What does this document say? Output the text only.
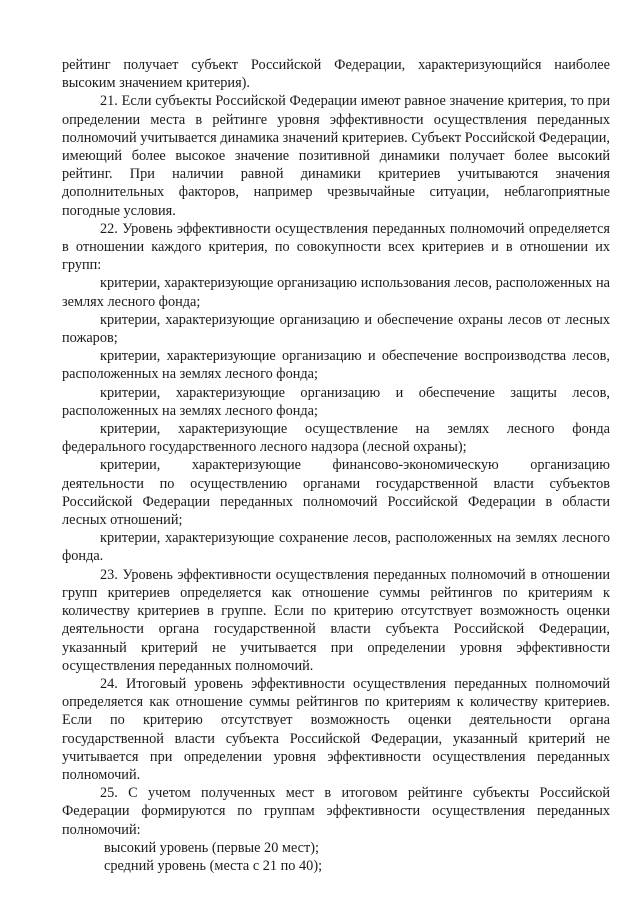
рейтинг получает субъект Российской Федерации, характеризующийся наиболее высоким значением критерия).

21. Если субъекты Российской Федерации имеют равное значение критерия, то при определении места в рейтинге уровня эффективности осуществления переданных полномочий учитывается динамика значений критериев. Субъект Российской Федерации, имеющий более высокое значение позитивной динамики получает более высокий рейтинг. При наличии равной динамики критериев учитываются значения дополнительных факторов, например чрезвычайные ситуации, неблагоприятные погодные условия.

22. Уровень эффективности осуществления переданных полномочий определяется в отношении каждого критерия, по совокупности всех критериев и в отношении их групп:

критерии, характеризующие организацию использования лесов, расположенных на землях лесного фонда;

критерии, характеризующие организацию и обеспечение охраны лесов от лесных пожаров;

критерии, характеризующие организацию и обеспечение воспроизводства лесов, расположенных на землях лесного фонда;

критерии, характеризующие организацию и обеспечение защиты лесов, расположенных на землях лесного фонда;

критерии, характеризующие осуществление на землях лесного фонда федерального государственного лесного надзора (лесной охраны);

критерии, характеризующие финансово-экономическую организацию деятельности по осуществлению органами государственной власти субъектов Российской Федерации переданных полномочий Российской Федерации в области лесных отношений;

критерии, характеризующие сохранение лесов, расположенных на землях лесного фонда.

23. Уровень эффективности осуществления переданных полномочий в отношении групп критериев определяется как отношение суммы рейтингов по критериям к количеству критериев в группе. Если по критерию отсутствует возможность оценки деятельности органа государственной власти субъекта Российской Федерации, указанный критерий не учитывается при определении уровня эффективности осуществления переданных полномочий.

24. Итоговый уровень эффективности осуществления переданных полномочий определяется как отношение суммы рейтингов по критериям к количеству критериев. Если по критерию отсутствует возможность оценки деятельности органа государственной власти субъекта Российской Федерации, указанный критерий не учитывается при определении уровня эффективности осуществления переданных полномочий.

25. С учетом полученных мест в итоговом рейтинге субъекты Российской Федерации формируются по группам эффективности осуществления переданных полномочий:

высокий уровень (первые 20 мест);

средний уровень (места с 21 по 40);
